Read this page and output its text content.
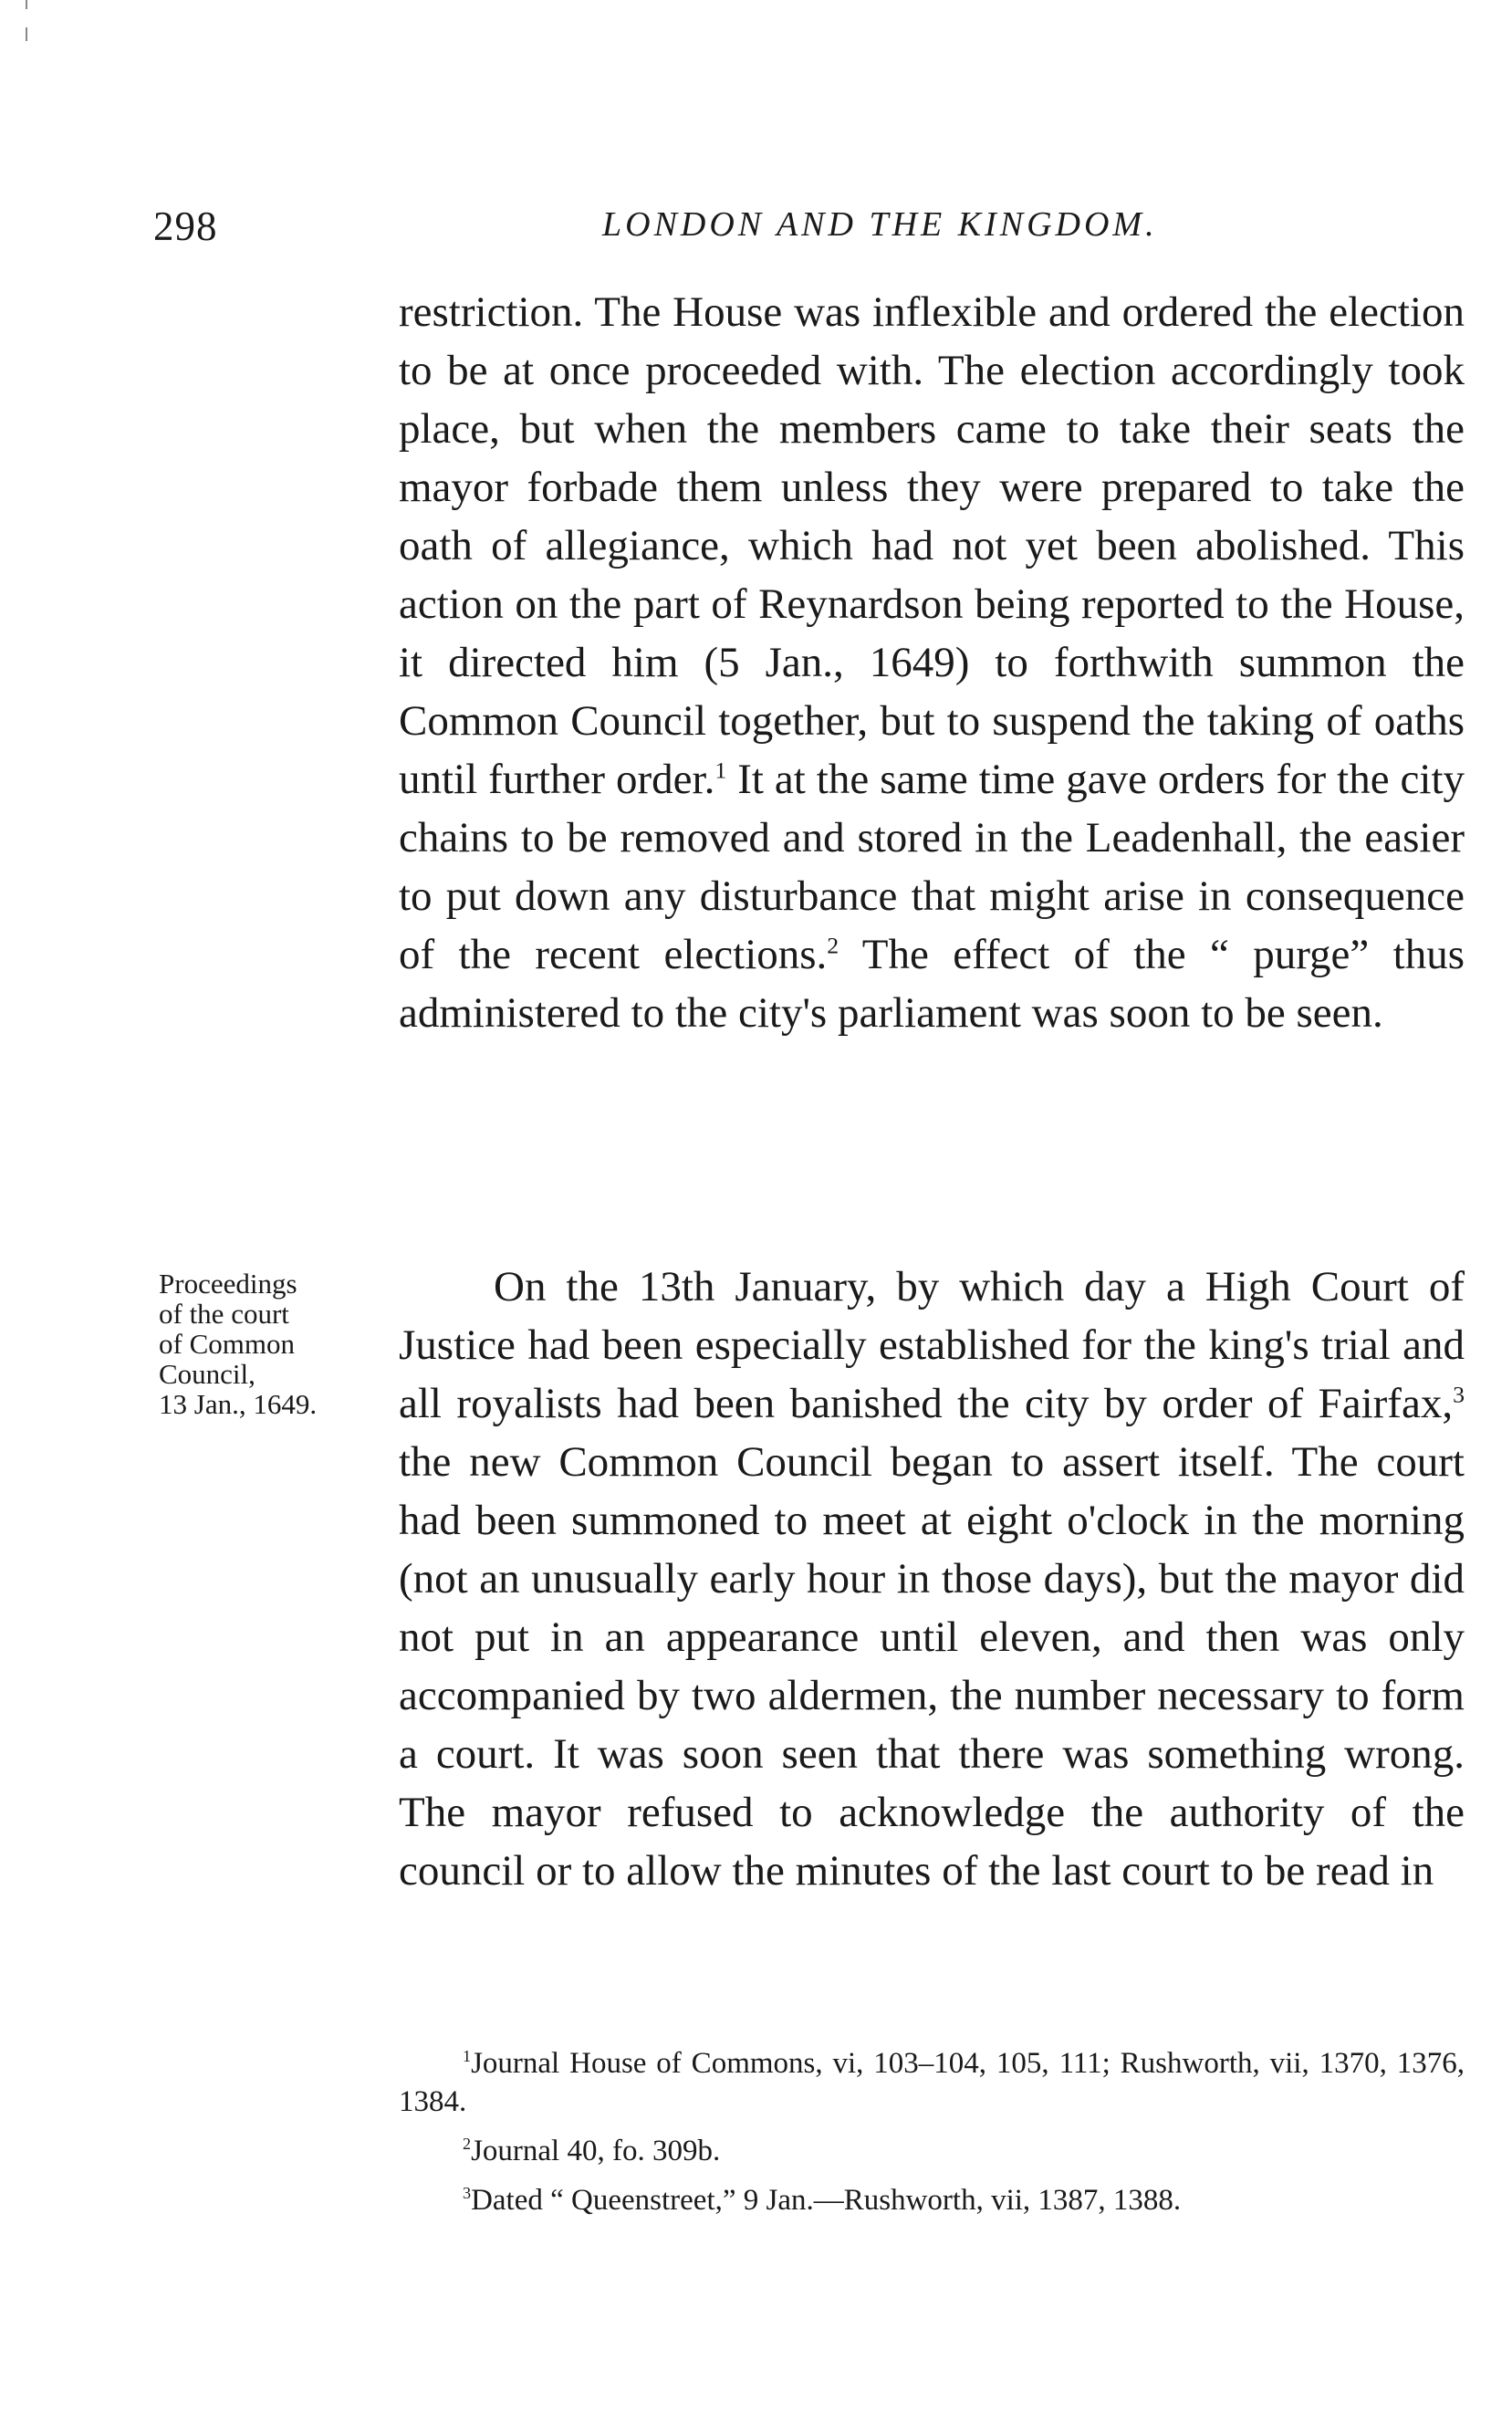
298	LONDON AND THE KINGDOM.

restriction. The House was inflexible and ordered the election to be at once proceeded with. The election accordingly took place, but when the members came to take their seats the mayor forbade them unless they were prepared to take the oath of allegiance, which had not yet been abolished. This action on the part of Reynardson being reported to the House, it directed him (5 Jan., 1649) to forthwith summon the Common Council together, but to suspend the taking of oaths until further order.$^1$ It at the same time gave orders for the city chains to be removed and stored in the Leadenhall, the easier to put down any disturbance that might arise in consequence of the recent elections.$^2$ The effect of the “ purge” thus administered to the city's parliament was soon to be seen.

Proceedings
of the court
of Common
Council,
13 Jan., 1649.

On the 13th January, by which day a High Court of Justice had been especially established for the king's trial and all royalists had been banished the city by order of Fairfax,$^3$ the new Common Council began to assert itself. The court had been summoned to meet at eight o'clock in the morning (not an unusually early hour in those days), but the mayor did not put in an appearance until eleven, and then was only accompanied by two aldermen, the number necessary to form a court. It was soon seen that there was something wrong. The mayor refused to acknowledge the authority of the council or to allow the minutes of the last court to be read in

$^1$Journal House of Commons, vi, 103–104, 105, 111; Rushworth, vii, 1370, 1376, 1384.

$^2$Journal 40, fo. 309b.

$^3$Dated “ Queenstreet,” 9 Jan.—Rushworth, vii, 1387, 1388.
